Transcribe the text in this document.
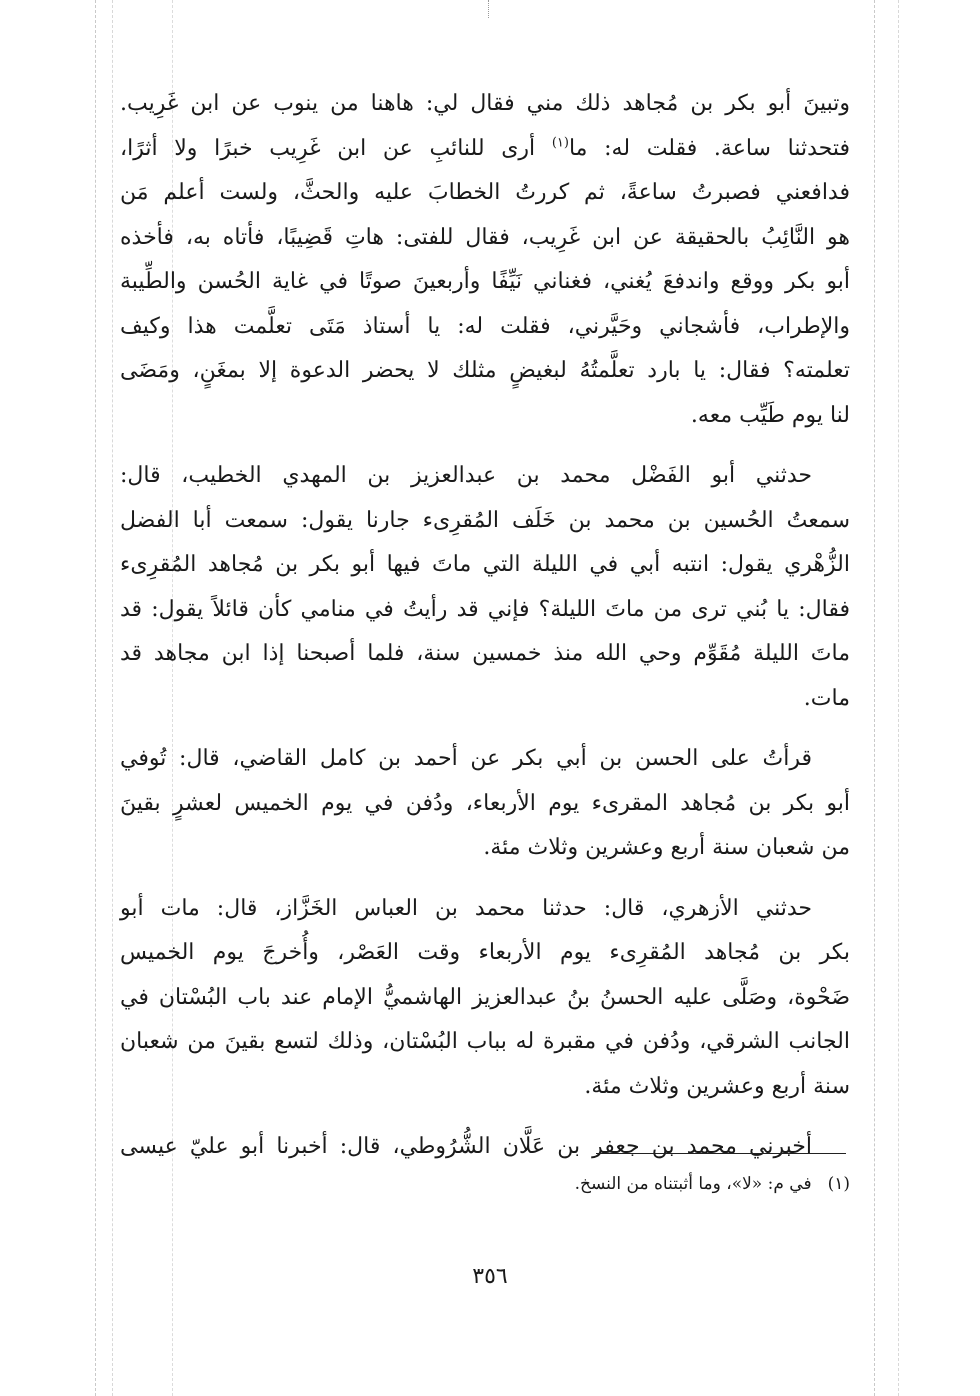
وتبينَ أبو بكر بن مُجاهد ذلك مني فقال لي: هاهنا من ينوب عن ابن غَرِيب.
فتحدثنا ساعة. فقلت له: ما$^{(١)}$ أرى للنائبِ عن ابن غَرِيب خبرًا ولا أثرًا،
فدافعني فصبرتُ ساعةً، ثم كررتُ الخطابَ عليه والحثَّ، ولست أعلم مَن
هو النَّائِبُ بالحقيقة عن ابن غَرِيب، فقال للفتى: هاتِ قَضِيبًا، فأتاه به، فأخذه
أبو بكر ووقع واندفعَ يُغني، فغناني نَيِّفًا وأربعينَ صوتًا في غاية الحُسن والطِّيبة
والإطراب، فأشجاني وحَيَّرني، فقلت له: يا أستاذ مَتَى تعلَّمت هذا وكيف
تعلمته؟ فقال: يا بارد تعلَّمتُهُ لبغيضٍ مثلك لا يحضر الدعوة إلا بمغَنٍ، ومَضَى
لنا يوم طَيِّب معه.

حدثني أبو الفَضْل محمد بن عبدالعزيز بن المهدي الخطيب، قال:
سمعتُ الحُسين بن محمد بن خَلَف المُقرِىء جارنا يقول: سمعت أبا الفضل
الزُّهْري يقول: انتبه أبي في الليلة التي ماتَ فيها أبو بكر بن مُجاهد المُقرِىء
فقال: يا بُني ترى من ماتَ الليلة؟ فإني قد رأيتُ في منامي كأن قائلاً يقول: قد
ماتَ الليلة مُقَوِّم وحي الله منذ خمسين سنة، فلما أصبحنا إذا ابن مجاهد قد
مات.

قرأتُ على الحسن بن أبي بكر عن أحمد بن كامل القاضي، قال: تُوفي
أبو بكر بن مُجاهد المقرىء يوم الأربعاء، ودُفن في يوم الخميس لعشرٍ بقينَ
من شعبان سنة أربع وعشرين وثلاث مئة.

حدثني الأزهري، قال: حدثنا محمد بن العباس الخَزَّاز، قال: مات أبو
بكر بن مُجاهد المُقرِىء يوم الأربعاء وقت العَصْر، وأُخرجَ يوم الخميس
ضَحْوة، وصَلَّى عليه الحسنُ بنُ عبدالعزيز الهاشميُّ الإمام عند باب البُسْتان في
الجانب الشرقي، ودُفن في مقبرة له بباب البُسْتان، وذلك لتسع بقينَ من شعبان
سنة أربع وعشرين وثلاث مئة.

أخبرني محمد بن جعفر بن عَلَّان الشُّرُوطي، قال: أخبرنا أبو عليّ عيسى

(١)في م: «لا»، وما أثبتناه من النسخ.
٣٥٦
